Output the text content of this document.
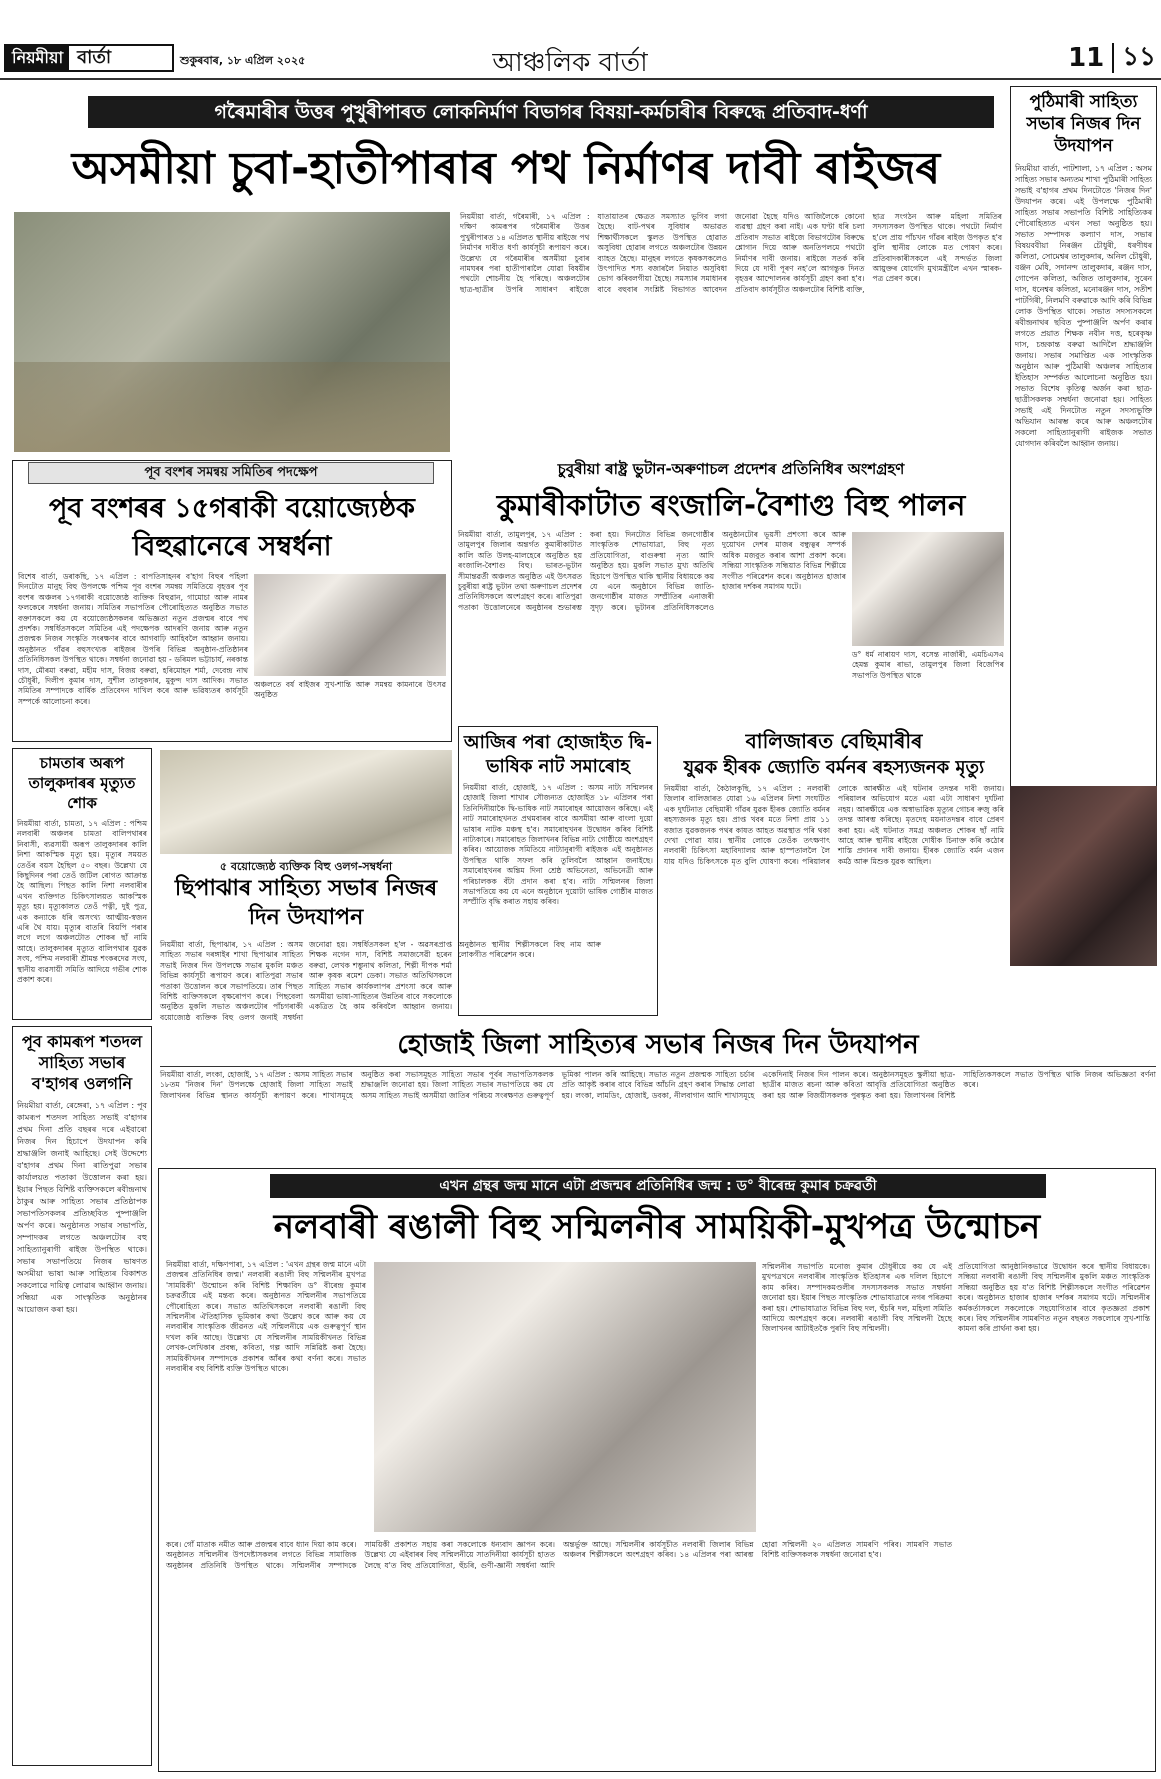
নিয়মীয়া বাৰ্তা	শুকুৰবাৰ, ১৮ এপ্ৰিল ২০২৫	আঞ্চলিক বাৰ্তা	11 ১১
গৰৈমাৰীৰ উত্তৰ পুখুৰীপাৰত লোকনিৰ্মাণ বিভাগৰ বিষয়া-কৰ্মচাৰীৰ বিৰুদ্ধে প্ৰতিবাদ-ধৰ্ণা	পুঠিমাৰী সাহিত্য সভাৰ নিজৰ দিন উদযাপন
নিয়মীয়া বাৰ্তা, পাটশালা, ১৭ এপ্ৰিল : অসম সাহিত্য সভাৰ অন্যতম শাখা পুঠিমাৰী সাহিত্য সভাই ব'হাগৰ প্ৰথম দিনটোতে 'নিজৰ দিন' উদযাপন কৰে। এই উপলক্ষে পুঠিমাৰী সাহিত্য সভাৰ সভাপতি বিশিষ্ট সাহিত্যিকৰ পৌৰোহিত্যত এখন সভা অনুষ্ঠিত হয়। সভাত সম্পাদক কল্যাণ দাস, সভাৰ বিষয়ববীয়া নিৰঞ্জন চৌধুৰী, ধৰণীধৰ কলিতা, সোমেশ্বৰ তালুকদাৰ, অনিল চৌধুৰী, বঞ্জন মেধি, সদানন্দ তালুকদাৰ, ৰঞ্জন দাস, গোপেন কলিতা, অজিত তালুকদাৰ, সুৰেন দাস, ধনেশ্বৰ কলিতা, মনোৰঞ্জন দাস, সতীশ পাটগিৰী, নিলমণি বৰুৱাকে আদি কৰি বিভিন্ন লোক উপস্থিত থাকে। সভাত সদস্যসকলে ৰবীন্দ্ৰনাথৰ ছবিত পুষ্পাঞ্জলি অৰ্পণ কৰাৰ লগতে প্ৰয়াত শিক্ষক নবীন দত্ত, হৰেকৃষ্ণ দাস, চন্দ্ৰকান্ত বৰুৱা আদিলৈ শ্ৰদ্ধাঞ্জলি জনায়। সভাৰ সমাপ্তিত এক সাংস্কৃতিক অনুষ্ঠান আৰু পুঠিমাৰী অঞ্চলৰ সাহিত্যৰ ইতিহাস সম্পৰ্কত আলোচনা অনুষ্ঠিত হয়। সভাত বিশেষ কৃতিত্ব অৰ্জন কৰা ছাত্ৰ-ছাত্ৰীসকলক সম্বৰ্ধনা জনোৱা হয়। সাহিত্য সভাই এই দিনটোত নতুন সদস্যভুক্তি অভিযান আৰম্ভ কৰে আৰু অঞ্চলটোৰ সকলো সাহিত্যানুৰাগী ৰাইজক সভাত যোগদান কৰিবলৈ আহ্বান জনায়।
অসমীয়া চুবা-হাতীপাৰাৰ পথ নিৰ্মাণৰ দাবী ৰাইজৰ
নিয়মীয়া বাৰ্তা, গৰৈমাৰী, ১৭ এপ্ৰিল : দক্ষিণ কামৰূপৰ গৰৈমাৰীৰ উত্তৰ পুখুৰীপাৰত ১৪ এপ্ৰিলত স্থানীয় ৰাইজে পথ নিৰ্মাণৰ দাবীত ধৰ্ণা কাৰ্যসূচী ৰূপায়ণ কৰে। উল্লেখ্য যে গৰৈমাৰীৰ অসমীয়া চুবাৰ নামঘৰৰ পৰা হাতীপাৰালৈ যোৱা বিষয়ীৰ পথটো শোচনীয় হৈ পৰিছে। অঞ্চলটোৰ ছাত্ৰ-ছাত্ৰীৰ উপৰি সাধাৰণ ৰাইজে যাতায়াতৰ ক্ষেত্ৰত সমস্যাত ভুগিব লগা হৈছে। বাট-পথৰ সুবিধাৰ অভাৱত শিক্ষাৰ্থীসকলে স্কুলত উপস্থিত হোৱাত অসুবিধা হোৱাৰ লগতে অঞ্চলটোৰ উন্নয়ন ব্যাহত হৈছে। মানুহৰ লগতে কৃষকসকলেও উৎপাদিত শস্য বজাৰলৈ নিয়াত অসুবিধা ভোগ কৰিবলগীয়া হৈছে। সমস্যাৰ সমাধানৰ বাবে বহুবাৰ সংশ্লিষ্ট বিভাগত আবেদন জনোৱা হৈছে যদিও আজিলৈকে কোনো ব্যৱস্থা গ্ৰহণ কৰা নাই। এক ঘণ্টা ধৰি চলা প্ৰতিবাদ সভাত ৰাইজে বিভাগটোৰ বিৰুদ্ধে শ্লোগান দিয়ে আৰু অনতিপলমে পথটো নিৰ্মাণৰ দাবী জনায়। ৰাইজে সতৰ্ক কৰি দিয়ে যে দাবী পূৰণ নহ'লে আগন্তুক দিনত বৃহত্তৰ আন্দোলনৰ কাৰ্যসূচী গ্ৰহণ কৰা হ'ব। প্ৰতিবাদ কাৰ্যসূচীত অঞ্চলটোৰ বিশিষ্ট ব্যক্তি, ছাত্ৰ সংগঠন আৰু মহিলা সমিতিৰ সদস্যসকল উপস্থিত থাকে। পথটো নিৰ্মাণ হ'লে প্ৰায় পাঁচখন গাঁৱৰ ৰাইজ উপকৃত হ'ব বুলি স্থানীয় লোকে মত পোষণ কৰে। প্ৰতিবাদকাৰীসকলে এই সন্দৰ্ভত জিলা আয়ুক্তৰ যোগেদি মুখ্যমন্ত্ৰীলৈ এখন স্মাৰক-পত্ৰ প্ৰেৰণ কৰে।
চুবুৰীয়া ৰাষ্ট্ৰ ভুটান-অৰুণাচল প্ৰদেশৰ প্ৰতিনিধিৰ অংশগ্ৰহণ
কুমাৰীকাটাত ৰংজালি-বৈশাগু বিহু পালন
নিয়মীয়া বাৰ্তা, তামুলপুৰ, ১৭ এপ্ৰিল : তামুলপুৰ জিলাৰ অন্তৰ্গত কুমাৰীকাটাত কালি অতি উলহ-মালহেৰে অনুষ্ঠিত হয় ৰংজালি-বৈশাগু বিহু। ভাৰত-ভুটান সীমান্তৱৰ্তী অঞ্চলত অনুষ্ঠিত এই উৎসৱত চুবুৰীয়া ৰাষ্ট্ৰ ভুটান তথা অৰুণাচল প্ৰদেশৰ প্ৰতিনিধিসকলে অংশগ্ৰহণ কৰে। ৰাতিপুৱা পতাকা উত্তোলনেৰে অনুষ্ঠানৰ শুভাৰম্ভ কৰা হয়। দিনটোত বিভিন্ন জনগোষ্ঠীৰ সাংস্কৃতিক শোভাযাত্ৰা, বিহু নৃত্য প্ৰতিযোগিতা, বাগুৰুম্বা নৃত্য আদি অনুষ্ঠিত হয়। মুকলি সভাত মুখ্য অতিথি হিচাপে উপস্থিত থাকি স্থানীয় বিধায়কে কয় যে এনে অনুষ্ঠানে বিভিন্ন জাতি-জনগোষ্ঠীৰ মাজত সম্প্ৰীতিৰ এনাজৰী সুদৃঢ় কৰে। ভুটানৰ প্ৰতিনিধিসকলেও অনুষ্ঠানটোৰ ভূয়সী প্ৰশংসা কৰে আৰু দুয়োখন দেশৰ মাজৰ বন্ধুত্বৰ সম্পৰ্ক অধিক মজবুত কৰাৰ আশা প্ৰকাশ কৰে। সন্ধিয়া সাংস্কৃতিক সন্ধিয়াত বিভিন্ন শিল্পীয়ে সংগীত পৰিৱেশন কৰে। অনুষ্ঠানত হাজাৰ হাজাৰ দৰ্শকৰ সমাগম ঘটে।
ড° ধৰ্ম নাৰায়ণ দাস, বসেন্ত নাৰ্জাৰী, এমচিএসএ হেমন্ত কুমাৰ ৰাভা, তামুলপুৰ জিলা বিজেপিৰ সভাপতি উপস্থিত থাকে
পূব বংশৰ সমন্বয় সমিতিৰ পদক্ষেপ
পূব বংশৰৰ ১৫গৰাকী বয়োজ্যেষ্ঠক বিহুৱানেৰে সম্বৰ্ধনা
বিশেষ বাৰ্তা, ডৰাকছি, ১৭ এপ্ৰিল : বাপতিসাহনৰ ব'হাগ বিহুৰ পহিলা দিনটোত মানুহ বিহু উপলক্ষে পশ্চিম পূব বংশৰ সমন্বয় সমিতিয়ে বৃহত্তৰ পূব বংশৰ অঞ্চলৰ ১৭গৰাকী বয়োজ্যেষ্ঠ ব্যক্তিক বিহুৱান, গামোচা আৰু নামৰ ফলকেৰে সম্বৰ্ধনা জনায়। সমিতিৰ সভাপতিৰ পৌৰোহিত্যত অনুষ্ঠিত সভাত বক্তাসকলে কয় যে বয়োজ্যেষ্ঠসকলৰ অভিজ্ঞতা নতুন প্ৰজন্মৰ বাবে পথ প্ৰদৰ্শক। সম্বৰ্ধিতসকলে সমিতিৰ এই পদক্ষেপক আদৰণি জনায় আৰু নতুন প্ৰজন্মক নিজৰ সংস্কৃতি সংৰক্ষণৰ বাবে আগবাঢ়ি আহিবলৈ আহ্বান জনায়। অনুষ্ঠানত গাঁৱৰ বহুসংখ্যক ৰাইজৰ উপৰি বিভিন্ন অনুষ্ঠান-প্ৰতিষ্ঠানৰ প্ৰতিনিধিসকল উপস্থিত থাকে। সম্বৰ্ধনা জনোৱা হয় - ডৰিমল ভট্টাচাৰ্য, নৰকান্ত দাস, মৌৰমা বৰুৱা, মহীম দাস, বিজয় বৰুৱা, হৰিমোহন শৰ্মা, দেবেন্দ্ৰ নাথ চৌধুৰী, দিলীপ কুমাৰ দাস, সুশীল তালুকদাৰ, মুকুন্দ দাস আদিক। সভাত সমিতিৰ সম্পাদকে বাৰ্ষিক প্ৰতিবেদন দাখিল কৰে আৰু ভৱিষ্যতৰ কাৰ্যসূচী সম্পৰ্কে আলোচনা কৰে।
অঞ্চলতে বৰ্ষ বাইজৰ সুখ-শান্তি আৰু সমন্বয় কামনাৰে উৎসৱ অনুষ্ঠিত
চামতাৰ অৰূপ তালুকদাৰৰ মৃত্যুত শোক
নিয়মীয়া বাৰ্তা, চামতা, ১৭ এপ্ৰিল : পশ্চিম নলবাৰী অঞ্চলৰ চামতা বালিপথাৰৰ নিবাসী, ব্যৱসায়ী অৰূপ তালুকদাৰৰ কালি নিশা আকস্মিক মৃত্যু হয়। মৃত্যুৰ সময়ত তেওঁৰ বয়স হৈছিল ৫০ বছৰ। উল্লেখ্য যে কিছুদিনৰ পৰা তেওঁ জটিল ৰোগত আক্ৰান্ত হৈ আছিল। পিছত কালি নিশা নলবাৰীৰ এখন ব্যক্তিগত চিকিৎসালয়ত আকস্মিক মৃত্যু হয়। মৃত্যুকালত তেওঁ পত্নী, দুই পুত্ৰ, এক কন্যাকে ধৰি অসংখ্য আত্মীয়-স্বজন এৰি থৈ যায়। মৃত্যুৰ বাতৰি বিয়পি পৰাৰ লগে লগে অঞ্চলটোত শোকৰ ছাঁ নামি আহে। তালুকদাৰৰ মৃত্যুত বালিপথাৰ যুৱক সংঘ, পশ্চিম নলবাৰী শ্ৰীমন্ত শংকৰদেৱ সংঘ, স্থানীয় ব্যৱসায়ী সমিতি আদিয়ে গভীৰ শোক প্ৰকাশ কৰে।
৫ বয়োজ্যেষ্ঠ ব্যক্তিক বিহু ওলগ-সম্বৰ্ধনা
ছিপাঝাৰ সাহিত্য সভাৰ নিজৰ দিন উদযাপন
নিয়মীয়া বাৰ্তা, ছিপাঝাৰ, ১৭ এপ্ৰিল : অসম সাহিত্য সভাৰ দৰঙ্গাইৰ শাখা ছিপাঝাৰ সাহিত্য সভাই নিজৰ দিন উপলক্ষে সভাৰ মুকলি মঞ্চত বিভিন্ন কাৰ্যসূচী ৰূপায়ণ কৰে। ৰাতিপুৱা সভাৰ পতাকা উত্তোলন কৰে সভাপতিয়ে। তাৰ পিছত বিশিষ্ট ব্যক্তিসকলে বৃক্ষৰোপণ কৰে। পিছবেলা অনুষ্ঠিত মুকলি সভাত অঞ্চলটোৰ পাঁচগৰাকী বয়োজ্যেষ্ঠ ব্যক্তিক বিহু ওলগ জনাই সম্বৰ্ধনা জনোৱা হয়। সম্বৰ্ধিতসকল হ'ল - অৱসৰপ্ৰাপ্ত শিক্ষক নগেন দাস, বিশিষ্ট সমাজসেৱী হৰেন বৰুৱা, লেখক শম্ভুনাথ কলিতা, শিল্পী দীপক শৰ্মা আৰু কৃষক ৰমেশ ডেকা। সভাত অতিথিসকলে সাহিত্য সভাৰ কাৰ্যকলাপৰ প্ৰশংসা কৰে আৰু অসমীয়া ভাষা-সাহিত্যৰ উন্নতিৰ বাবে সকলোকে একত্ৰিত হৈ কাম কৰিবলৈ আহ্বান জনায়। অনুষ্ঠানত স্থানীয় শিল্পীসকলে বিহু নাম আৰু লোকগীত পৰিৱেশন কৰে।
আজিৰ পৰা হোজাইত দ্বি-ভাষিক নাট সমাৰোহ
নিয়মীয়া বাৰ্তা, হোজাই, ১৭ এপ্ৰিল : অসম নাট্য সন্মিলনৰ হোজাই জিলা শাখাৰ সৌজন্যত হোজাইত ১৮ এপ্ৰিলৰ পৰা তিনিদিনীয়াকৈ দ্বি-ভাষিক নাট সমাৰোহৰ আয়োজন কৰিছে। এই নাট সমাৰোহখনত প্ৰথমবাৰৰ বাবে অসমীয়া আৰু বাংলা দুয়ো ভাষাৰ নাটক মঞ্চস্থ হ'ব। সমাৰোহখনৰ উদ্বোধন কৰিব বিশিষ্ট নাট্যকাৰে। সমাৰোহত জিলাখনৰ বিভিন্ন নাট্য গোষ্ঠীয়ে অংশগ্ৰহণ কৰিব। আয়োজক সমিতিয়ে নাট্যানুৰাগী ৰাইজক এই অনুষ্ঠানত উপস্থিত থাকি সফল কৰি তুলিবলৈ আহ্বান জনাইছে। সমাৰোহখনৰ অন্তিম দিনা শ্ৰেষ্ঠ অভিনেতা, অভিনেত্ৰী আৰু পৰিচালকক বঁটা প্ৰদান কৰা হ'ব। নাট্য সন্মিলনৰ জিলা সভাপতিয়ে কয় যে এনে অনুষ্ঠানে দুয়োটা ভাষিক গোষ্ঠীৰ মাজত সম্প্ৰীতি বৃদ্ধি কৰাত সহায় কৰিব।
বালিজাৰত বেছিমাৰীৰ
যুৱক হীৰক জ্যোতি বৰ্মনৰ ৰহস্যজনক মৃত্যু
নিয়মীয়া বাৰ্তা, কৈঠালকুছি, ১৭ এপ্ৰিল : নলবাৰী জিলাৰ বালিজাৰত যোৱা ১৬ এপ্ৰিলৰ নিশা সংঘটিত এক দুৰ্ঘটনাত বেছিমাৰী গাঁৱৰ যুৱক হীৰক জ্যোতি বৰ্মনৰ ৰহস্যজনক মৃত্যু হয়। প্ৰাপ্ত খবৰ মতে নিশা প্ৰায় ১১ বজাত যুৱকজনক পথৰ কাষত আহত অৱস্থাত পৰি থকা দেখা পোৱা যায়। স্থানীয় লোকে তেওঁক তৎক্ষণাৎ নলবাৰী চিকিৎসা মহাবিদ্যালয় আৰু হাস্পতাললৈ লৈ যায় যদিও চিকিৎসকে মৃত বুলি ঘোষণা কৰে। পৰিয়ালৰ লোকে আৰক্ষীত এই ঘটনাৰ তদন্তৰ দাবী জনায়। পৰিয়ালৰ অভিযোগ মতে এয়া এটা সাধাৰণ দুৰ্ঘটনা নহয়। আৰক্ষীয়ে এক অস্বাভাৱিক মৃত্যুৰ গোচৰ ৰুজু কৰি তদন্ত আৰম্ভ কৰিছে। মৃতদেহ ময়নাতদন্তৰ বাবে প্ৰেৰণ কৰা হয়। এই ঘটনাত সমগ্ৰ অঞ্চলত শোকৰ ছাঁ নামি আহে আৰু স্থানীয় ৰাইজে দোষীক চিনাক্ত কৰি কঠোৰ শাস্তি প্ৰদানৰ দাবী জনায়। হীৰক জ্যোতি বৰ্মন এজন কৰ্মঠ আৰু মিশুক যুৱক আছিল।
হোজাই জিলা সাহিত্যৰ সভাৰ নিজৰ দিন উদযাপন
নিয়মীয়া বাৰ্তা, লংকা, হোজাই, ১৭ এপ্ৰিল : অসম সাহিত্য সভাৰ ১৮তম 'নিজৰ দিন' উপলক্ষে হোজাই জিলা সাহিত্য সভাই জিলাখনৰ বিভিন্ন স্থানত কাৰ্যসূচী ৰূপায়ণ কৰে। শাখাসমূহে অনুষ্ঠিত কৰা সভাসমূহত সাহিত্য সভাৰ পূৰ্বৰ সভাপতিসকলক শ্ৰদ্ধাঞ্জলি জনোৱা হয়। জিলা সাহিত্য সভাৰ সভাপতিয়ে কয় যে অসম সাহিত্য সভাই অসমীয়া জাতিৰ পৰিচয় সংৰক্ষণত গুৰুত্বপূৰ্ণ ভূমিকা পালন কৰি আহিছে। সভাত নতুন প্ৰজন্মক সাহিত্য চৰ্চাৰ প্ৰতি আকৃষ্ট কৰাৰ বাবে বিভিন্ন আঁচনি গ্ৰহণ কৰাৰ সিদ্ধান্ত লোৱা হয়। লংকা, লামডিং, হোজাই, ডবকা, নীলবাগান আদি শাখাসমূহে একেদিনাই নিজৰ দিন পালন কৰে। অনুষ্ঠানসমূহত স্কুলীয়া ছাত্ৰ-ছাত্ৰীৰ মাজত ৰচনা আৰু কবিতা আবৃত্তি প্ৰতিযোগিতা অনুষ্ঠিত কৰা হয় আৰু বিজয়ীসকলক পুৰস্কৃত কৰা হয়। জিলাখনৰ বিশিষ্ট সাহিত্যিকসকলে সভাত উপস্থিত থাকি নিজৰ অভিজ্ঞতা বৰ্ণনা কৰে।
পূব কামৰূপ শতদল সাহিত্য সভাৰ ব'হাগৰ ওলগনি
নিয়মীয়া বাৰ্তা, ৰেঙ্গেৰা, ১৭ এপ্ৰিল : পূব কামৰূপ শতদল সাহিত্য সভাই ব'হাগৰ প্ৰথম দিনা প্ৰতি বছৰৰ দৰে এইবাৰো নিজৰ দিন হিচাপে উদযাপন কৰি শ্ৰদ্ধাঞ্জলি জনাই আহিছে। সেই উদ্দেশ্যে ব'হাগৰ প্ৰথম দিনা ৰাতিপুৱা সভাৰ কাৰ্যালয়ত পতাকা উত্তোলন কৰা হয়। ইয়াৰ পিছত বিশিষ্ট ব্যক্তিসকলে ৰবীন্দ্ৰনাথ ঠাকুৰ আৰু সাহিত্য সভাৰ প্ৰতিষ্ঠাপক সভাপতিসকলৰ প্ৰতিচ্ছবিত পুষ্পাঞ্জলি অৰ্পণ কৰে। অনুষ্ঠানত সভাৰ সভাপতি, সম্পাদকৰ লগতে অঞ্চলটোৰ বহু সাহিত্যানুৰাগী ৰাইজ উপস্থিত থাকে। সভাৰ সভাপতিয়ে নিজৰ ভাষণত অসমীয়া ভাষা আৰু সাহিত্যৰ বিকাশত সকলোৱে দায়িত্ব লোৱাৰ আহ্বান জনায়। সন্ধিয়া এক সাংস্কৃতিক অনুষ্ঠানৰ আয়োজন কৰা হয়।
এখন গ্ৰন্থৰ জন্ম মানে এটা প্ৰজন্মৰ প্ৰতিনিধিৰ জন্ম : ড° বীৰেন্দ্ৰ কুমাৰ চক্ৰৱৰ্তী
নলবাৰী ৰঙালী বিহু সন্মিলনীৰ সাময়িকী-মুখপত্ৰ উন্মোচন
নিয়মীয়া বাৰ্তা, দক্ষিণপাৰা, ১৭ এপ্ৰিল : 'এখন গ্ৰন্থৰ জন্ম মানে এটা প্ৰজন্মৰ প্ৰতিনিধিৰ জন্ম।' নলবাৰী ৰঙালী বিহু সন্মিলনীৰ মুখপত্ৰ 'সাময়িকী' উন্মোচন কৰি বিশিষ্ট শিক্ষাবিদ ড° বীৰেন্দ্ৰ কুমাৰ চক্ৰৱৰ্তীয়ে এই মন্তব্য কৰে। অনুষ্ঠানত সন্মিলনীৰ সভাপতিয়ে পৌৰোহিত্য কৰে। সভাত অতিথিসকলে নলবাৰী ৰঙালী বিহু সন্মিলনীৰ ঐতিহাসিক ভূমিকাৰ কথা উল্লেখ কৰে আৰু কয় যে নলবাৰীৰ সাংস্কৃতিক জীৱনত এই সন্মিলনীয়ে এক গুৰুত্বপূৰ্ণ স্থান দখল কৰি আছে। উল্লেখ্য যে সন্মিলনীৰ সাময়িকীখনত বিভিন্ন লেখক-লেখিকাৰ প্ৰবন্ধ, কবিতা, গল্প আদি সন্নিৱিষ্ট কৰা হৈছে। সাময়িকীখনৰ সম্পাদকে প্ৰকাশৰ আঁৰৰ কথা বৰ্ণনা কৰে। সভাত নলবাৰীৰ বহু বিশিষ্ট ব্যক্তি উপস্থিত থাকে।
সন্মিলনীৰ সভাপতি মনোজ কুমাৰ চৌধুৰীয়ে কয় যে এই মুখপত্ৰখনে নলবাৰীৰ সাংস্কৃতিক ইতিহাসৰ এক দলিল হিচাপে কাম কৰিব। সম্পাদকমণ্ডলীৰ সদস্যসকলক সভাত সম্বৰ্ধনা জনোৱা হয়। ইয়াৰ পিছত সাংস্কৃতিক শোভাযাত্ৰাৰে নগৰ পৰিক্ৰমা কৰা হয়। শোভাযাত্ৰাত বিভিন্ন বিহু দল, হুঁচৰি দল, মহিলা সমিতি আদিয়ে অংশগ্ৰহণ কৰে। নলবাৰী ৰঙালী বিহু সন্মিলনী হৈছে জিলাখনৰ আটাইতকৈ পুৰণি বিহু সন্মিলনী।
প্ৰতিযোগিতা আনুষ্ঠানিকভাৱে উদ্বোধন কৰে স্থানীয় বিধায়কে। সন্ধিয়া নলবাৰী ৰঙালী বিহু সন্মিলনীৰ মুকলি মঞ্চত সাংস্কৃতিক সন্ধিয়া অনুষ্ঠিত হয় য'ত বিশিষ্ট শিল্পীসকলে সংগীত পৰিৱেশন কৰে। অনুষ্ঠানত হাজাৰ হাজাৰ দৰ্শকৰ সমাগম ঘটে। সন্মিলনীৰ কৰ্মকৰ্তাসকলে সকলোকে সহযোগিতাৰ বাবে কৃতজ্ঞতা প্ৰকাশ কৰে। বিহু সন্মিলনীৰ সামৰণিত নতুন বছৰত সকলোৰে সুখ-শান্তি কামনা কৰি প্ৰাৰ্থনা কৰা হয়।
কৰে। গোঁ মাতাক নমীত আৰু প্ৰজন্মৰ বাবে ধ্যান দিয়া কাম কৰে। অনুষ্ঠানত সন্মিলনীৰ উপদেষ্টাসকলৰ লগতে বিভিন্ন সামাজিক অনুষ্ঠানৰ প্ৰতিনিধি উপস্থিত থাকে। সন্মিলনীৰ সম্পাদকে সাময়িকী প্ৰকাশত সহায় কৰা সকলোকে ধন্যবাদ জ্ঞাপন কৰে। উল্লেখ্য যে এইবাৰৰ বিহু সন্মিলনীয়ে সাতদিনীয়া কাৰ্যসূচী হাতত লৈছে য'ত বিহু প্ৰতিযোগিতা, হুঁচৰি, গুণী-জ্ঞানী সম্বৰ্ধনা আদি অন্তৰ্ভুক্ত আছে। সন্মিলনীৰ কাৰ্যসূচীত নলবাৰী জিলাৰ বিভিন্ন অঞ্চলৰ শিল্পীসকলে অংশগ্ৰহণ কৰিব। ১৪ এপ্ৰিলৰ পৰা আৰম্ভ হোৱা সন্মিলনী ২০ এপ্ৰিলত সামৰণি পৰিব। সামৰণি সভাত বিশিষ্ট ব্যক্তিসকলক সম্বৰ্ধনা জনোৱা হ'ব।
